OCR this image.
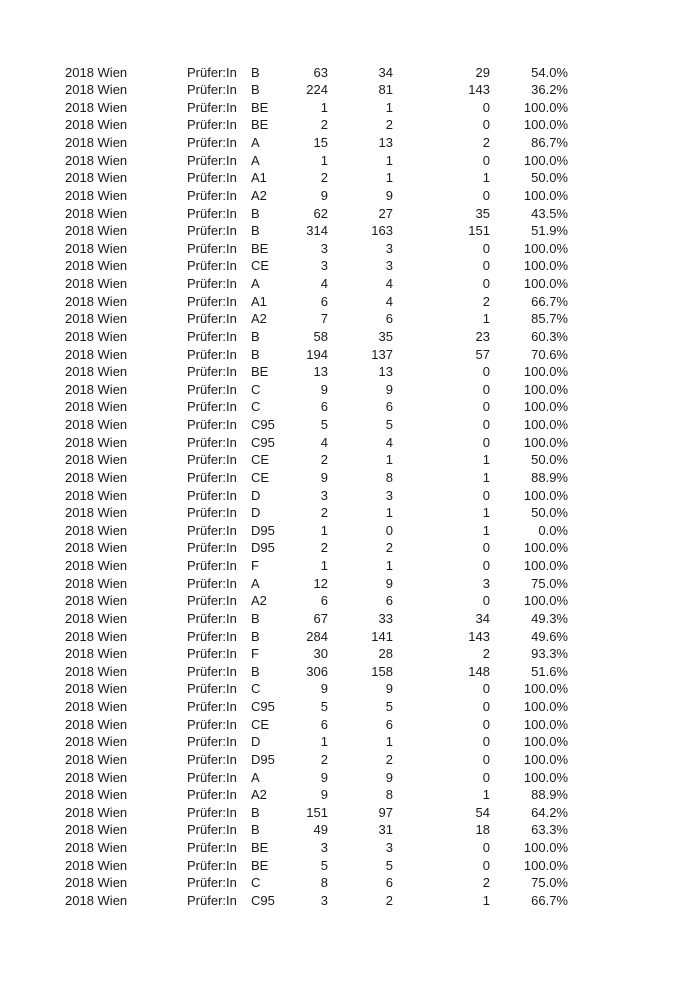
2018 Wien	Prüfer:In	B	63	34	29	54.0%
2018 Wien	Prüfer:In	B	224	81	143	36.2%
2018 Wien	Prüfer:In	BE	1	1	0	100.0%
2018 Wien	Prüfer:In	BE	2	2	0	100.0%
2018 Wien	Prüfer:In	A	15	13	2	86.7%
2018 Wien	Prüfer:In	A	1	1	0	100.0%
2018 Wien	Prüfer:In	A1	2	1	1	50.0%
2018 Wien	Prüfer:In	A2	9	9	0	100.0%
2018 Wien	Prüfer:In	B	62	27	35	43.5%
2018 Wien	Prüfer:In	B	314	163	151	51.9%
2018 Wien	Prüfer:In	BE	3	3	0	100.0%
2018 Wien	Prüfer:In	CE	3	3	0	100.0%
2018 Wien	Prüfer:In	A	4	4	0	100.0%
2018 Wien	Prüfer:In	A1	6	4	2	66.7%
2018 Wien	Prüfer:In	A2	7	6	1	85.7%
2018 Wien	Prüfer:In	B	58	35	23	60.3%
2018 Wien	Prüfer:In	B	194	137	57	70.6%
2018 Wien	Prüfer:In	BE	13	13	0	100.0%
2018 Wien	Prüfer:In	C	9	9	0	100.0%
2018 Wien	Prüfer:In	C	6	6	0	100.0%
2018 Wien	Prüfer:In	C95	5	5	0	100.0%
2018 Wien	Prüfer:In	C95	4	4	0	100.0%
2018 Wien	Prüfer:In	CE	2	1	1	50.0%
2018 Wien	Prüfer:In	CE	9	8	1	88.9%
2018 Wien	Prüfer:In	D	3	3	0	100.0%
2018 Wien	Prüfer:In	D	2	1	1	50.0%
2018 Wien	Prüfer:In	D95	1	0	1	0.0%
2018 Wien	Prüfer:In	D95	2	2	0	100.0%
2018 Wien	Prüfer:In	F	1	1	0	100.0%
2018 Wien	Prüfer:In	A	12	9	3	75.0%
2018 Wien	Prüfer:In	A2	6	6	0	100.0%
2018 Wien	Prüfer:In	B	67	33	34	49.3%
2018 Wien	Prüfer:In	B	284	141	143	49.6%
2018 Wien	Prüfer:In	F	30	28	2	93.3%
2018 Wien	Prüfer:In	B	306	158	148	51.6%
2018 Wien	Prüfer:In	C	9	9	0	100.0%
2018 Wien	Prüfer:In	C95	5	5	0	100.0%
2018 Wien	Prüfer:In	CE	6	6	0	100.0%
2018 Wien	Prüfer:In	D	1	1	0	100.0%
2018 Wien	Prüfer:In	D95	2	2	0	100.0%
2018 Wien	Prüfer:In	A	9	9	0	100.0%
2018 Wien	Prüfer:In	A2	9	8	1	88.9%
2018 Wien	Prüfer:In	B	151	97	54	64.2%
2018 Wien	Prüfer:In	B	49	31	18	63.3%
2018 Wien	Prüfer:In	BE	3	3	0	100.0%
2018 Wien	Prüfer:In	BE	5	5	0	100.0%
2018 Wien	Prüfer:In	C	8	6	2	75.0%
2018 Wien	Prüfer:In	C95	3	2	1	66.7%
